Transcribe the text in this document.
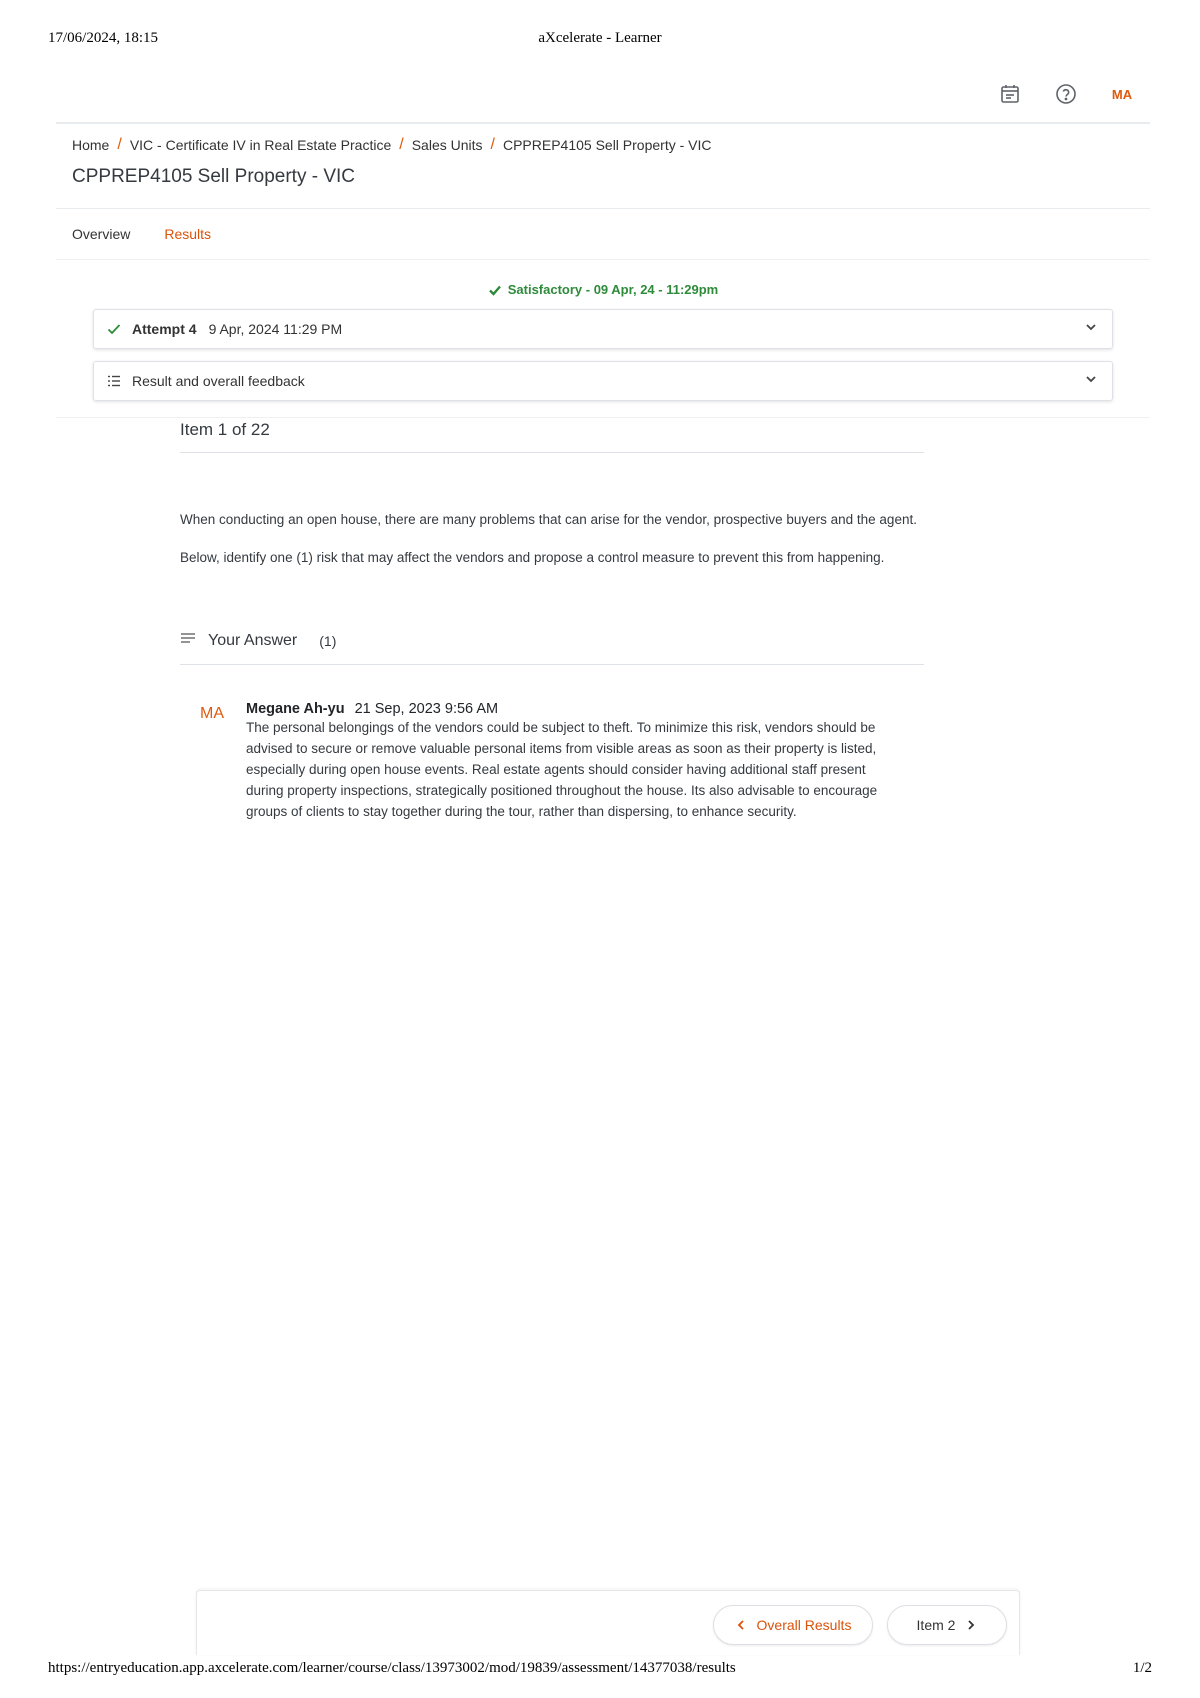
17/06/2024, 18:15	aXcelerate - Learner
MA
Home / VIC - Certificate IV in Real Estate Practice / Sales Units / CPPREP4105 Sell Property - VIC
CPPREP4105 Sell Property - VIC
Overview Results
Satisfactory - 09 Apr, 24 - 11:29pm
Attempt 4 9 Apr, 2024 11:29 PM
Result and overall feedback
Item 1 of 22

When conducting an open house, there are many problems that can arise for the vendor, prospective buyers and the agent.

Below, identify one (1) risk that may affect the vendors and propose a control measure to prevent this from happening.

Your Answer (1)
MA	Megane Ah-yu 21 Sep, 2023 9:56 AM
The personal belongings of the vendors could be subject to theft. To minimize this risk, vendors should be advised to secure or remove valuable personal items from visible areas as soon as their property is listed, especially during open house events. Real estate agents should consider having additional staff present during property inspections, strategically positioned throughout the house. Its also advisable to encourage groups of clients to stay together during the tour, rather than dispersing, to enhance security.
Overall Results	Item 2
https://entryeducation.app.axcelerate.com/learner/course/class/13973002/mod/19839/assessment/14377038/results	1/2
